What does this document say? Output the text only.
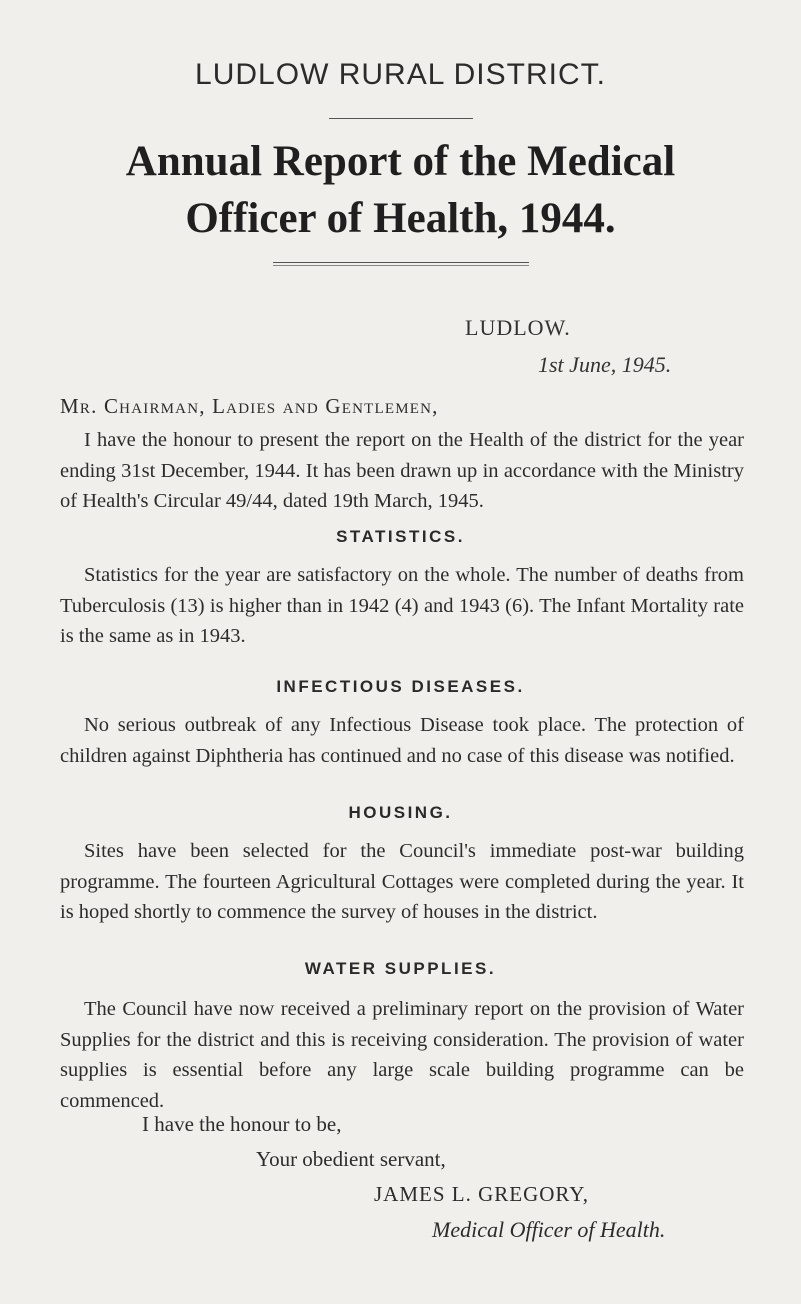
LUDLOW RURAL DISTRICT.
Annual Report of the Medical
Officer of Health, 1944.
LUDLOW.
1st June, 1945.
Mr. Chairman, Ladies and Gentlemen,
I have the honour to present the report on the Health of the district for the year ending 31st December, 1944. It has been drawn up in accordance with the Ministry of Health's Circular 49/44, dated 19th March, 1945.
STATISTICS.
Statistics for the year are satisfactory on the whole. The number of deaths from Tuberculosis (13) is higher than in 1942 (4) and 1943 (6). The Infant Mortality rate is the same as in 1943.
INFECTIOUS DISEASES.
No serious outbreak of any Infectious Disease took place. The protection of children against Diphtheria has continued and no case of this disease was notified.
HOUSING.
Sites have been selected for the Council's immediate post-war building programme. The fourteen Agricultural Cottages were completed during the year. It is hoped shortly to commence the survey of houses in the district.
WATER SUPPLIES.
The Council have now received a preliminary report on the provision of Water Supplies for the district and this is receiving consideration. The provision of water supplies is essential before any large scale building programme can be commenced.
I have the honour to be,
Your obedient servant,
JAMES L. GREGORY,
Medical Officer of Health.
